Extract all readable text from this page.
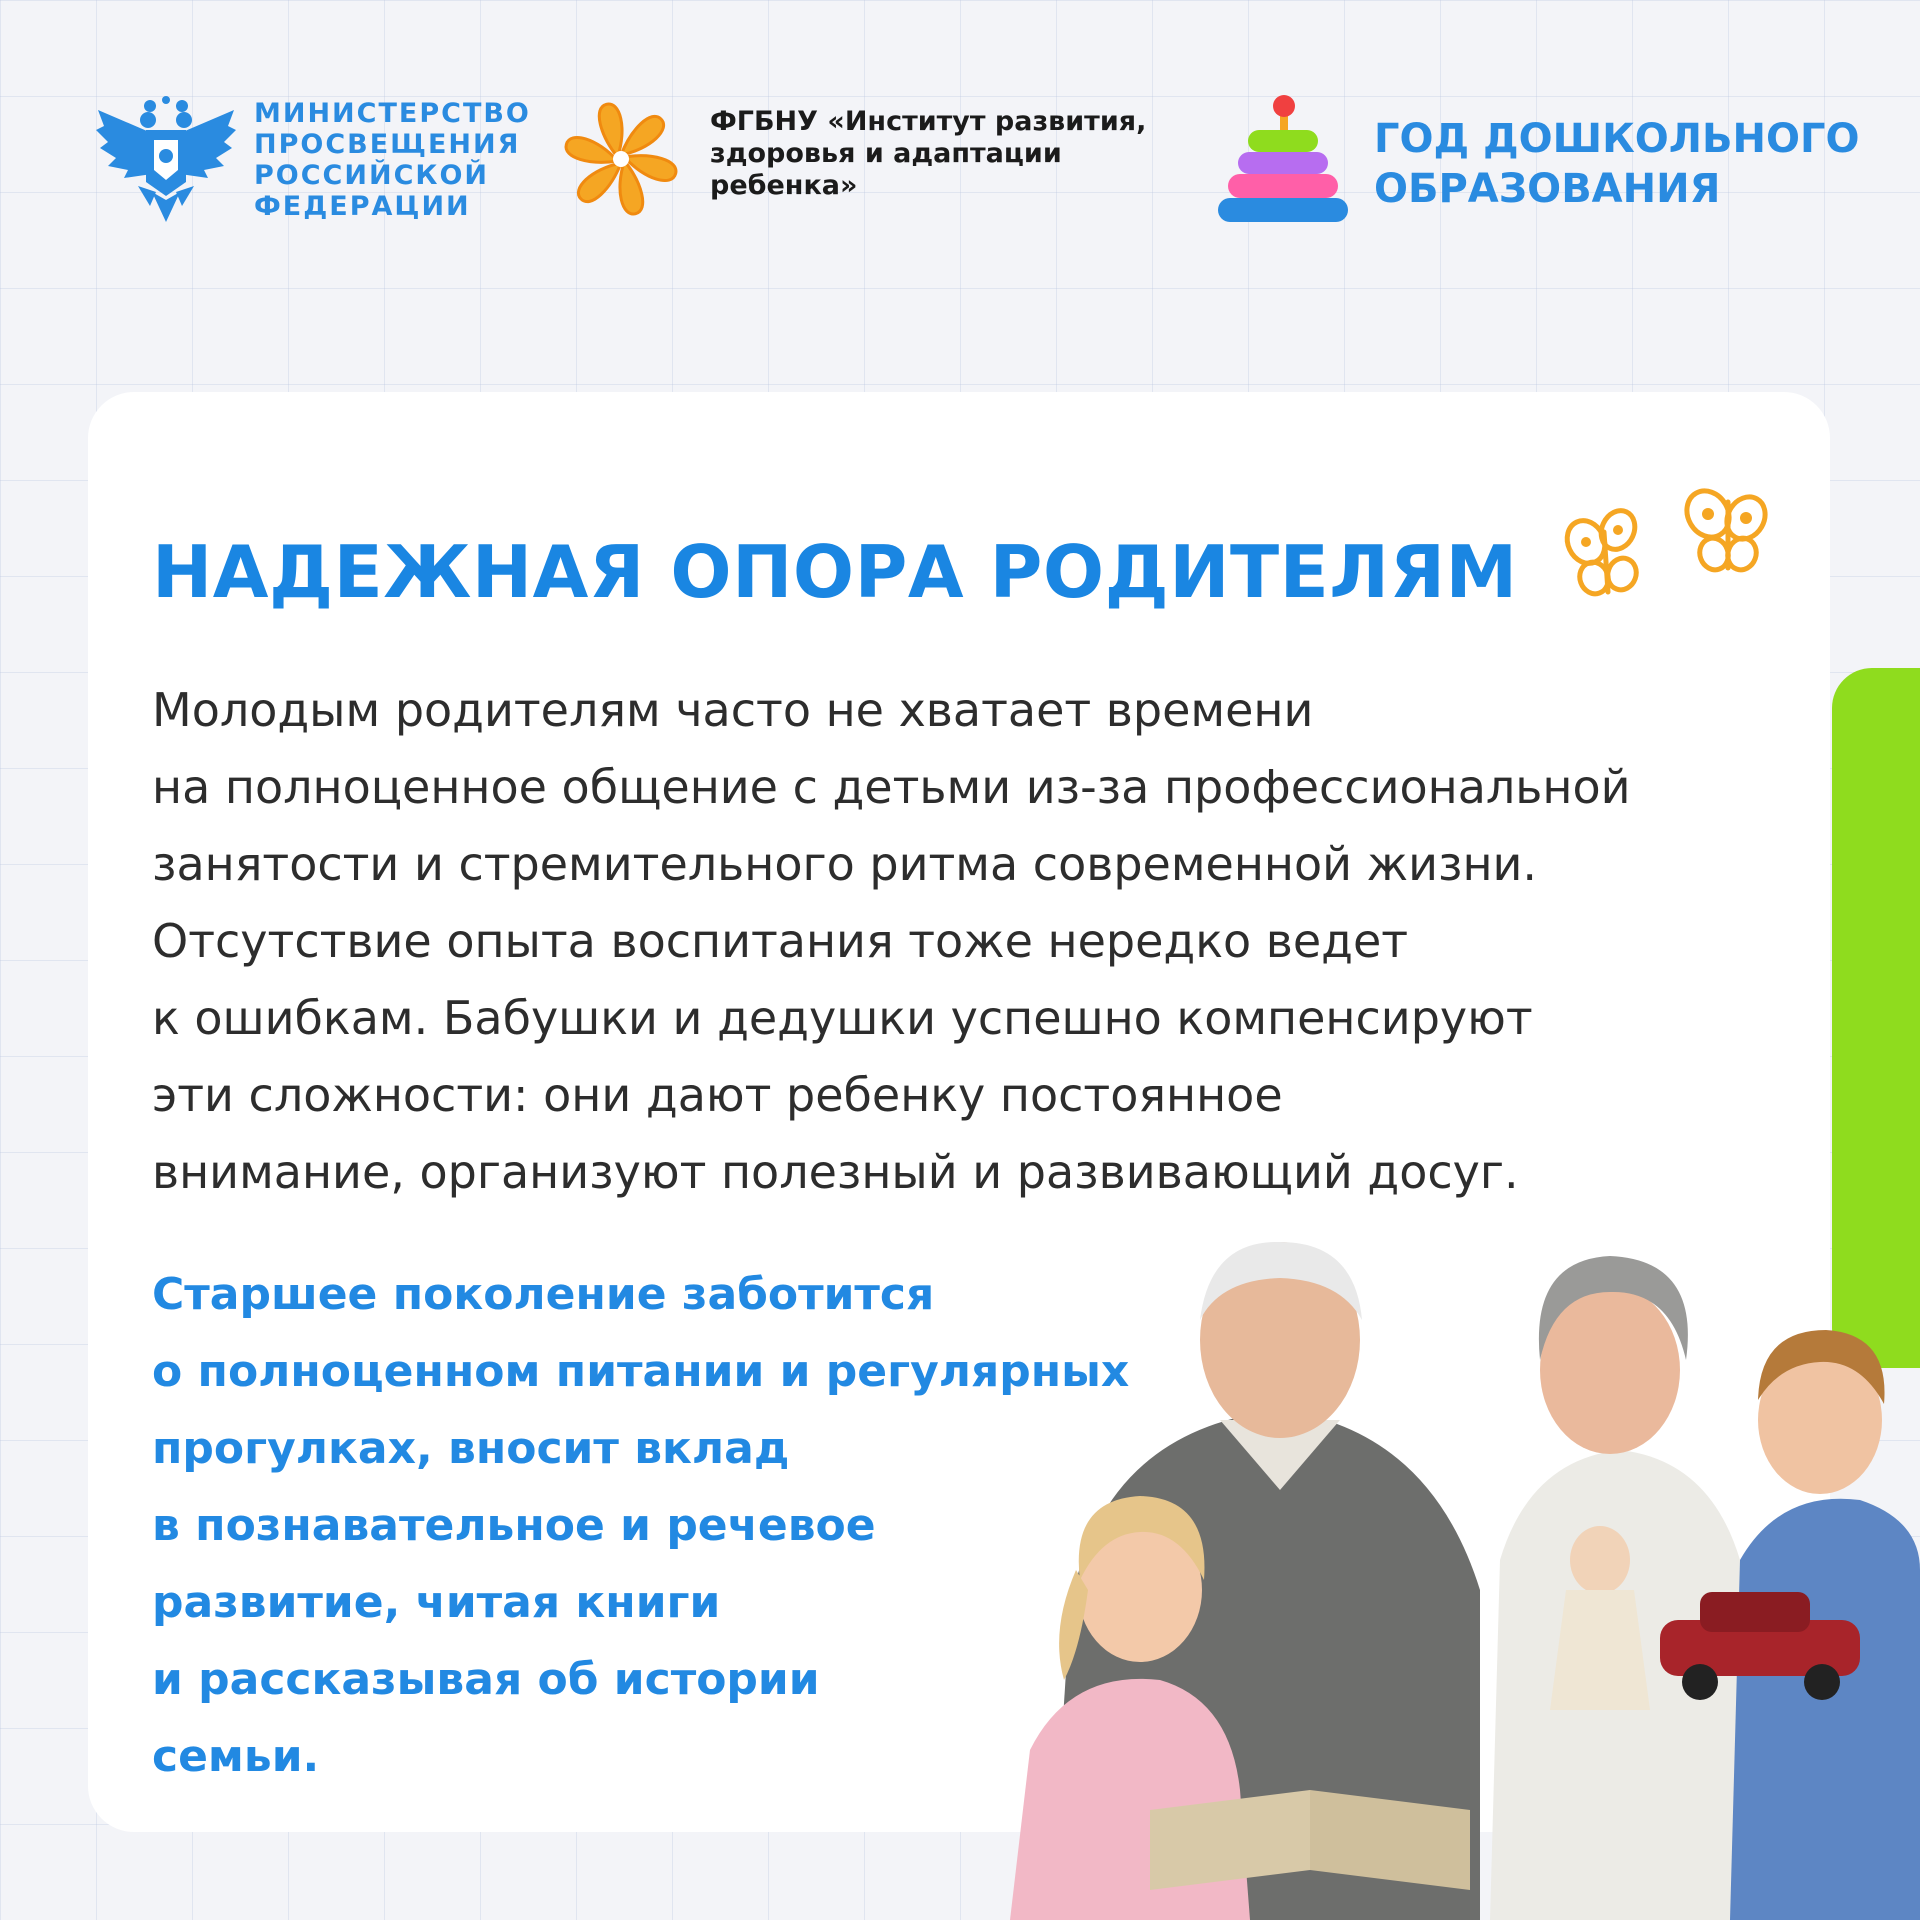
МИНИСТЕРСТВО
ПРОСВЕЩЕНИЯ
РОССИЙСКОЙ
ФЕДЕРАЦИИ
ФГБНУ «Институт развития,
здоровья и адаптации
ребенка»
ГОД ДОШКОЛЬНОГО
ОБРАЗОВАНИЯ
НАДЕЖНАЯ ОПОРА РОДИТЕЛЯМ
Молодым родителям часто не хватает времени
на полноценное общение с детьми из-за профессиональной
занятости и стремительного ритма современной жизни.
Отсутствие опыта воспитания тоже нередко ведет
к ошибкам. Бабушки и дедушки успешно компенсируют
эти сложности: они дают ребенку постоянное
внимание, организуют полезный и развивающий досуг.
Старшее поколение заботится
о полноценном питании и регулярных
прогулках, вносит вклад
в познавательное и речевое
развитие, читая книги
и рассказывая об истории
семьи.
